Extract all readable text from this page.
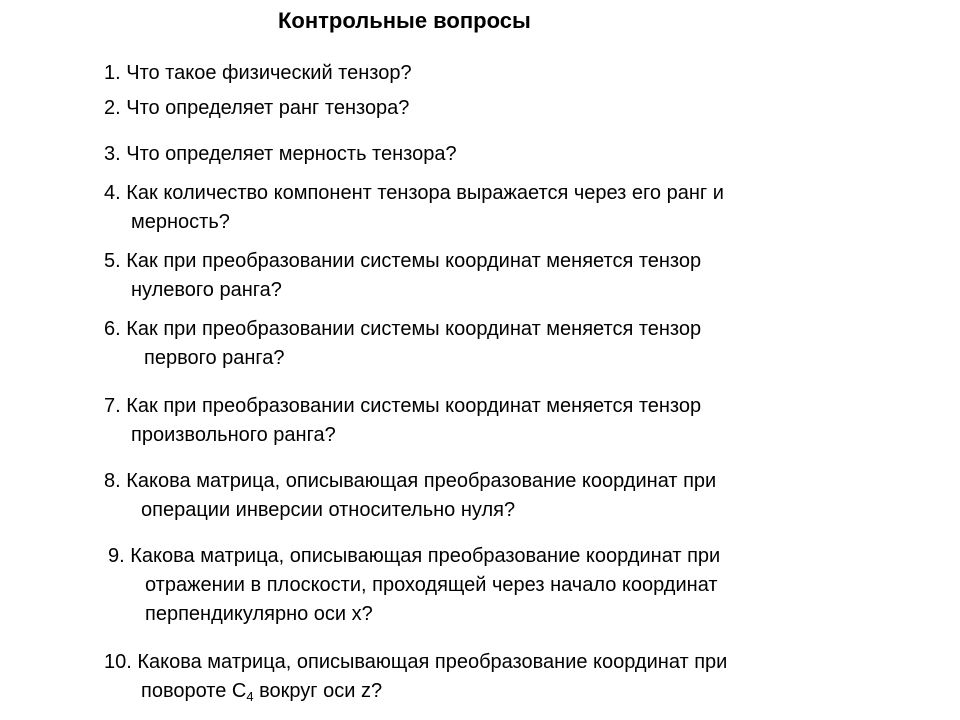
Контрольные вопросы
1. Что такое физический тензор?
2. Что определяет ранг тензора?
3. Что определяет мерность тензора?
4. Как количество компонент тензора выражается через его ранг и
мерность?
5. Как при преобразовании системы координат меняется тензор
нулевого ранга?
6. Как при преобразовании системы координат меняется тензор
первого ранга?
7. Как при преобразовании системы координат меняется тензор
произвольного ранга?
8. Какова матрица, описывающая преобразование координат при
операции инверсии относительно нуля?
9. Какова матрица, описывающая преобразование координат при
отражении в плоскости, проходящей через начало координат
перпендикулярно оси x?
10. Какова матрица, описывающая преобразование координат при
повороте $C_4$ вокруг оси z?
